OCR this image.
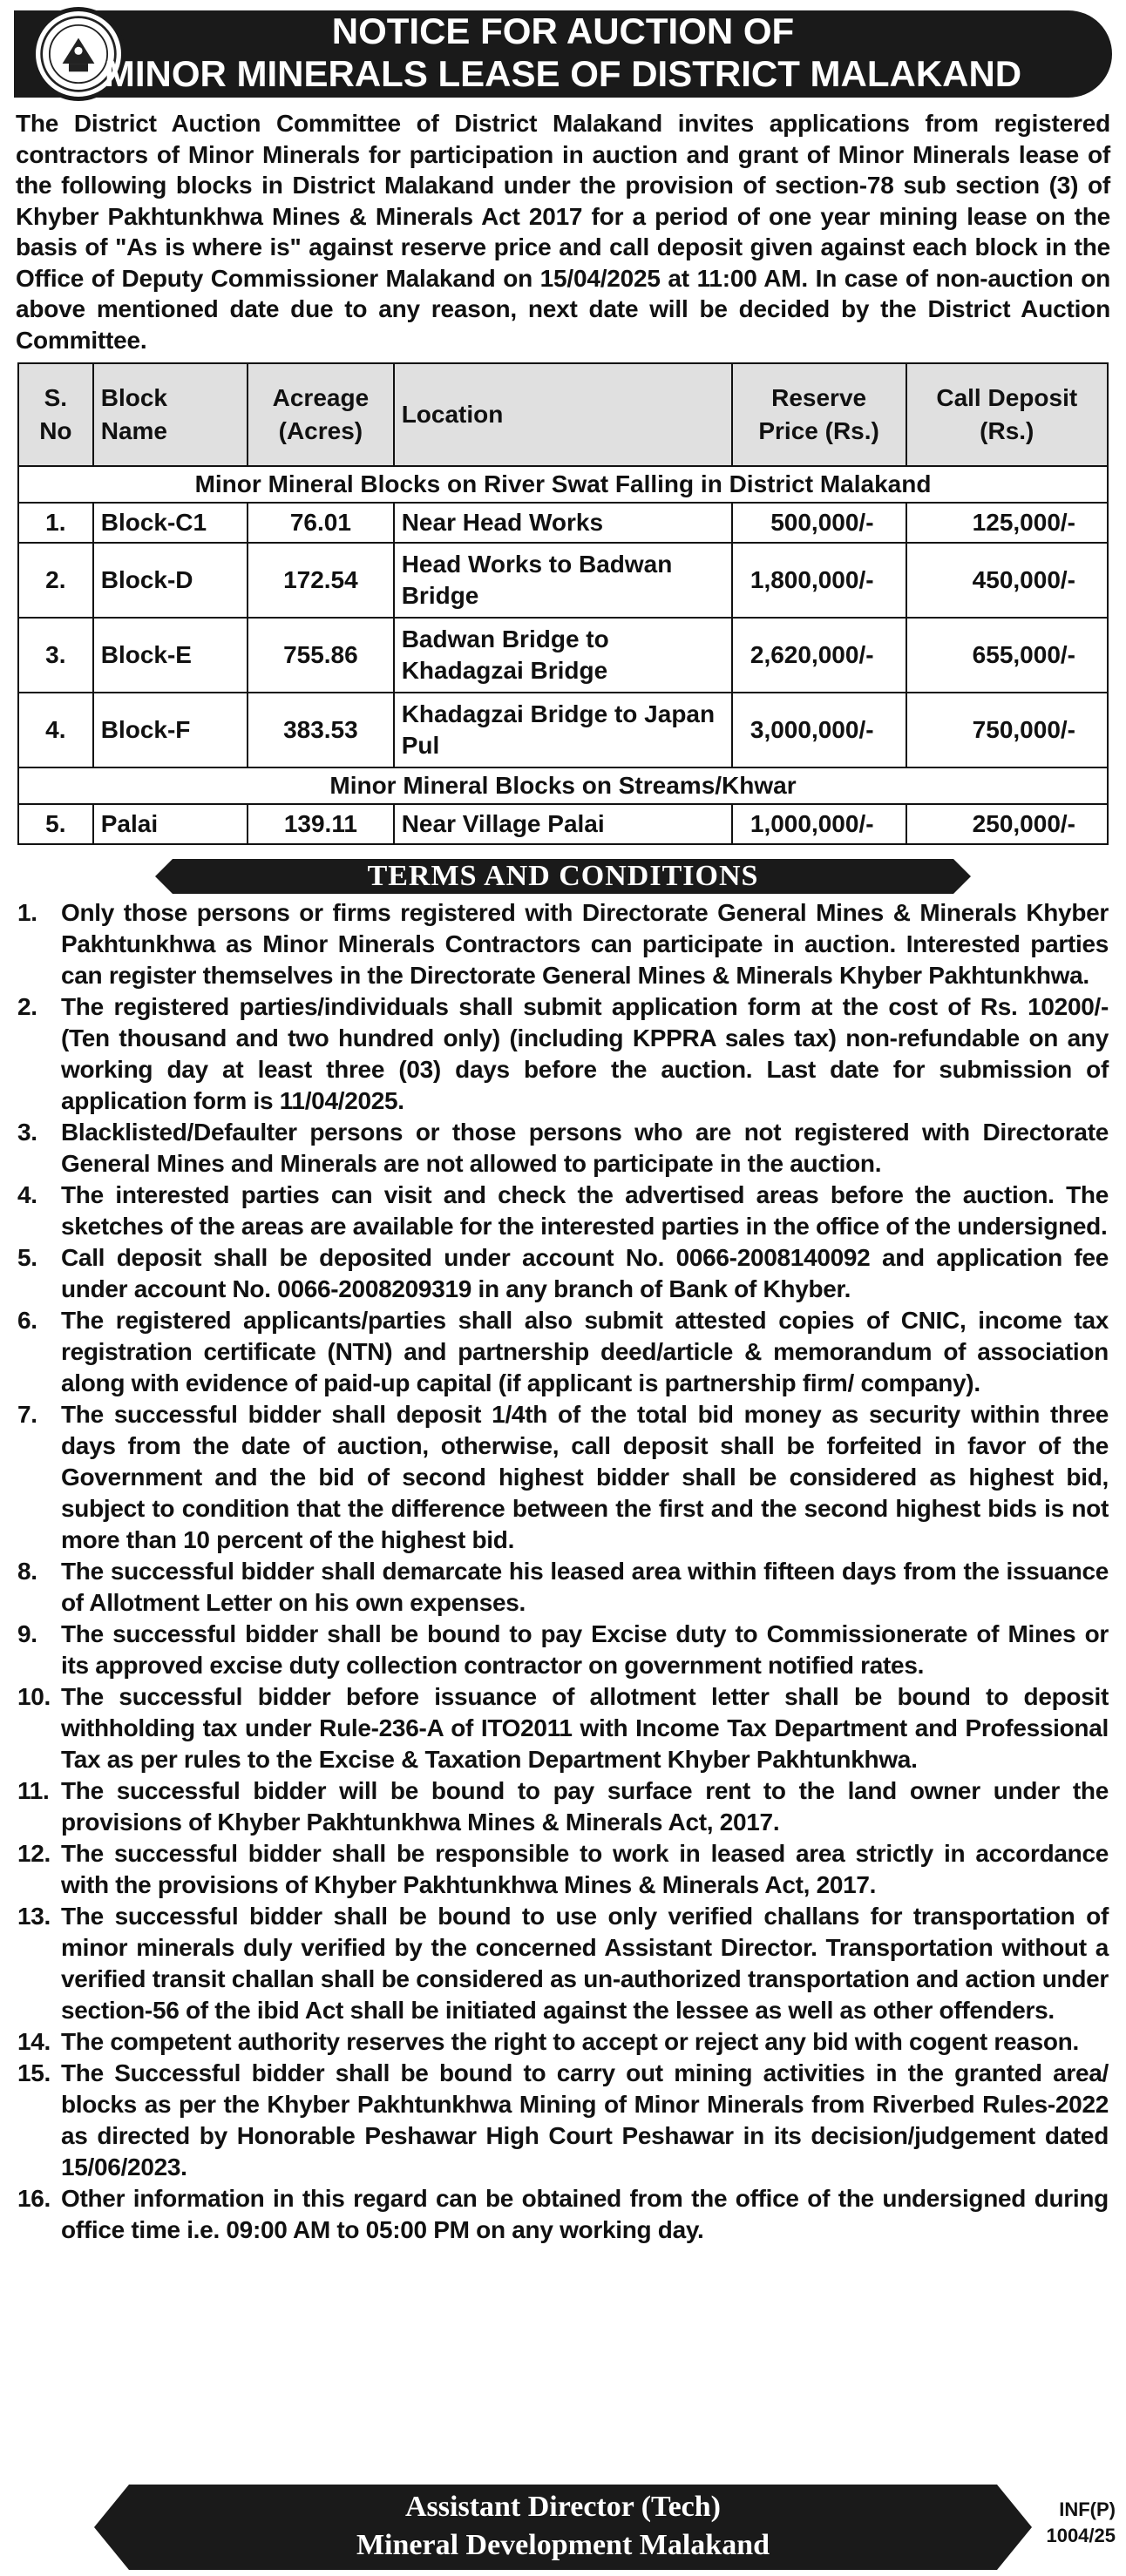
NOTICE FOR AUCTION OF
MINOR MINERALS LEASE OF DISTRICT MALAKAND

The District Auction Committee of District Malakand invites applications from registered contractors of Minor Minerals for participation in auction and grant of Minor Minerals lease of the following blocks in District Malakand under the provision of section-78 sub section (3) of Khyber Pakhtunkhwa Mines & Minerals Act 2017 for a period of one year mining lease on the basis of "As is where is" against reserve price and call deposit given against each block in the Office of Deputy Commissioner Malakand on 15/04/2025 at 11:00 AM. In case of non-auction on above mentioned date due to any reason, next date will be decided by the District Auction Committee.

S. No	Block Name	Acreage (Acres)	Location	Reserve Price (Rs.)	Call Deposit (Rs.)
Minor Mineral Blocks on River Swat Falling in District Malakand					
1.	Block-C1	76.01	Near Head Works	500,000/-	125,000/-
2.	Block-D	172.54	Head Works to Badwan Bridge	1,800,000/-	450,000/-
3.	Block-E	755.86	Badwan Bridge to Khadagzai Bridge	2,620,000/-	655,000/-
4.	Block-F	383.53	Khadagzai Bridge to Japan Pul	3,000,000/-	750,000/-
Minor Mineral Blocks on Streams/Khwar					
5.	Palai	139.11	Near Village Palai	1,000,000/-	250,000/-
TERMS AND CONDITIONS
1. Only those persons or firms registered with Directorate General Mines & Minerals Khyber Pakhtunkhwa as Minor Minerals Contractors can participate in auction. Interested parties can register themselves in the Directorate General Mines & Minerals Khyber Pakhtunkhwa.
2. The registered parties/individuals shall submit application form at the cost of Rs. 10200/- (Ten thousand and two hundred only) (including KPPRA sales tax) non-refundable on any working day at least three (03) days before the auction. Last date for submission of application form is 11/04/2025.
3. Blacklisted/Defaulter persons or those persons who are not registered with Directorate General Mines and Minerals are not allowed to participate in the auction.
4. The interested parties can visit and check the advertised areas before the auction. The sketches of the areas are available for the interested parties in the office of the undersigned.
5. Call deposit shall be deposited under account No. 0066-2008140092 and application fee under account No. 0066-2008209319 in any branch of Bank of Khyber.
6. The registered applicants/parties shall also submit attested copies of CNIC, income tax registration certificate (NTN) and partnership deed/article & memorandum of association along with evidence of paid-up capital (if applicant is partnership firm/ company).
7. The successful bidder shall deposit 1/4th of the total bid money as security within three days from the date of auction, otherwise, call deposit shall be forfeited in favor of the Government and the bid of second highest bidder shall be considered as highest bid, subject to condition that the difference between the first and the second highest bids is not more than 10 percent of the highest bid.
8. The successful bidder shall demarcate his leased area within fifteen days from the issuance of Allotment Letter on his own expenses.
9. The successful bidder shall be bound to pay Excise duty to Commissionerate of Mines or its approved excise duty collection contractor on government notified rates.
10. The successful bidder before issuance of allotment letter shall be bound to deposit withholding tax under Rule-236-A of ITO2011 with Income Tax Department and Professional Tax as per rules to the Excise & Taxation Department Khyber Pakhtunkhwa.
11. The successful bidder will be bound to pay surface rent to the land owner under the provisions of Khyber Pakhtunkhwa Mines & Minerals Act, 2017.
12. The successful bidder shall be responsible to work in leased area strictly in accordance with the provisions of Khyber Pakhtunkhwa Mines & Minerals Act, 2017.
13. The successful bidder shall be bound to use only verified challans for transportation of minor minerals duly verified by the concerned Assistant Director. Transportation without a verified transit challan shall be considered as un-authorized transportation and action under section-56 of the ibid Act shall be initiated against the lessee as well as other offenders.
14. The competent authority reserves the right to accept or reject any bid with cogent reason.
15. The Successful bidder shall be bound to carry out mining activities in the granted area/ blocks as per the Khyber Pakhtunkhwa Mining of Minor Minerals from Riverbed Rules-2022 as directed by Honorable Peshawar High Court Peshawar in its decision/judgement dated 15/06/2023.
16. Other information in this regard can be obtained from the office of the undersigned during office time i.e. 09:00 AM to 05:00 PM on any working day.
Assistant Director (Tech)
Mineral Development Malakand
INF(P)
1004/25
